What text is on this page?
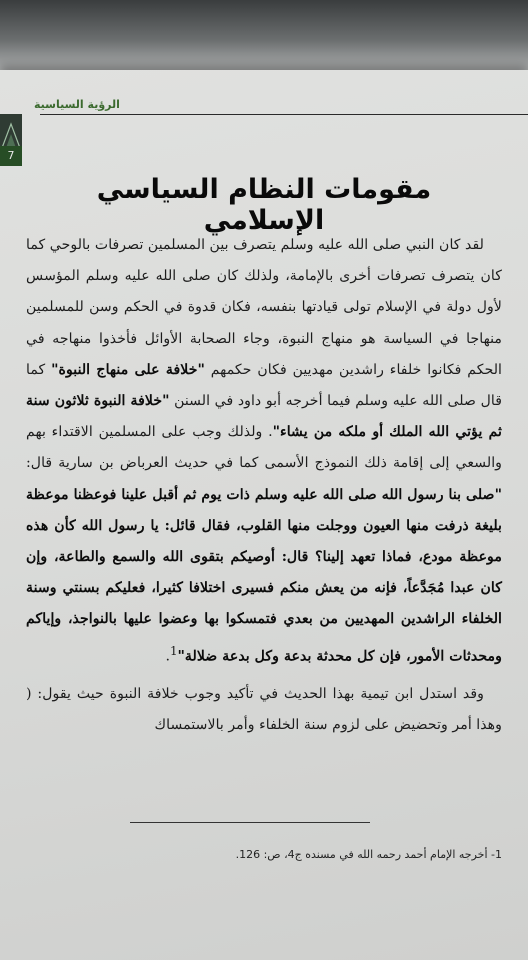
الرؤية السياسية
7
مقومات النظام السياسي الإسلامي

لقد كان النبي صلى الله عليه وسلم يتصرف بين المسلمين تصرفات بالوحي كما كان يتصرف تصرفات أخرى بالإمامة، ولذلك كان صلى الله عليه وسلم المؤسس لأول دولة في الإسلام تولى قيادتها بنفسه، فكان قدوة في الحكم وسن للمسلمين منهاجا في السياسة هو منهاج النبوة، وجاء الصحابة الأوائل فأخذوا منهاجه في الحكم فكانوا خلفاء راشدين مهديين فكان حكمهم "خلافة على منهاج النبوة" كما قال صلى الله عليه وسلم فيما أخرجه أبو داود في السنن "خلافة النبوة ثلاثون سنة ثم يؤتي الله الملك أو ملكه من يشاء". ولذلك وجب على المسلمين الاقتداء بهم والسعي إلى إقامة ذلك النموذج الأسمى كما في حديث العرباض بن سارية قال: "صلى بنا رسول الله صلى الله عليه وسلم ذات يوم ثم أقبل علينا فوعظنا موعظة بليغة ذرفت منها العيون ووجلت منها القلوب، فقال قائل: يا رسول الله كأن هذه موعظة مودع، فماذا تعهد إلينا؟ قال: أوصيكم بتقوى الله والسمع والطاعة، وإن كان عبدا مُجَدَّعاً، فإنه من يعش منكم فسيرى اختلافا كثيرا، فعليكم بسنتي وسنة الخلفاء الراشدين المهديين من بعدي فتمسكوا بها وعضوا عليها بالنواجذ، وإياكم ومحدثات الأمور، فإن كل محدثة بدعة وكل بدعة ضلالة"$^1$.

وقد استدل ابن تيمية بهذا الحديث في تأكيد وجوب خلافة النبوة حيث يقول: ( وهذا أمر وتحضيض على لزوم سنة الخلفاء وأمر بالاستمساك

1- أخرجه الإمام أحمد رحمه الله في مسنده ج4، ص: 126.
